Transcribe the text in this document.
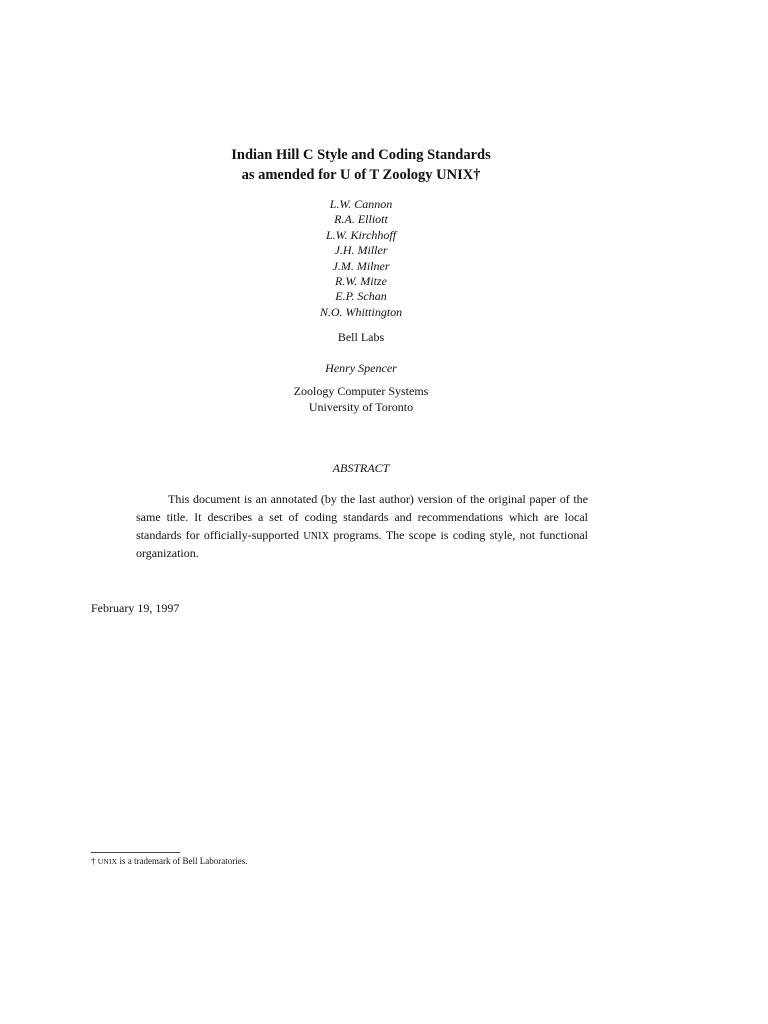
Indian Hill C Style and Coding Standards
as amended for U of T Zoology UNIX†
L.W. Cannon
R.A. Elliott
L.W. Kirchhoff
J.H. Miller
J.M. Milner
R.W. Mitze
E.P. Schan
N.O. Whittington
Bell Labs
Henry Spencer
Zoology Computer Systems
University of Toronto
ABSTRACT

This document is an annotated (by the last author) version of the original paper of the same title. It describes a set of coding standards and recommendations which are local standards for officially-supported UNIX programs. The scope is coding style, not functional organization.

February 19, 1997
† UNIX is a trademark of Bell Laboratories.
